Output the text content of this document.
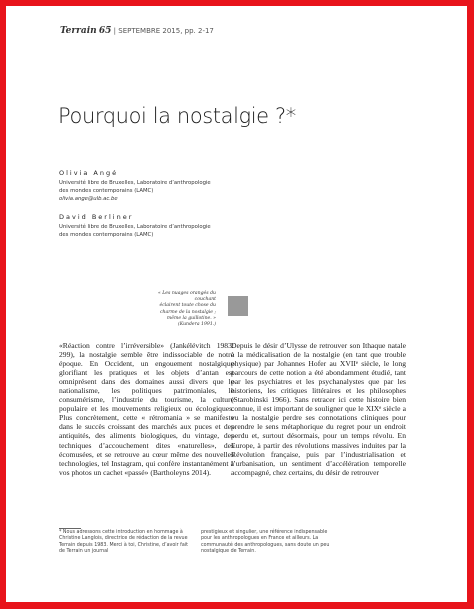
Terrain 65 | SEPTEMBRE 2015, pp. 2-17
Pourquoi la nostalgie ?*
Olivia Angé
Université libre de Bruxelles, Laboratoire d’anthropologie
des mondes contemporains (LAMC)
olivia.ange@ulb.ac.be
David Berliner
Université libre de Bruxelles, Laboratoire d’anthropologie
des mondes contemporains (LAMC)
« Les nuages orangés du couchant
éclairent toute chose du charme de la nostalgie ;
même la guillotine. »
(Kundera 1991.)

«Réaction contre l’irréversible» (Jankélévitch 1983: 299), la nostalgie semble être indissociable de notre époque. En Occident, un engouement nostalgique glorifiant les pratiques et les objets d’antan est omniprésent dans des domaines aussi divers que le nationalisme, les politiques patrimoniales, le consumérisme, l’industrie du tourisme, la culture populaire et les mouvements religieux ou écologiques. Plus concrètement, cette « rétromania » se manifeste dans le succès croissant des marchés aux puces et des antiquités, des aliments biologiques, du vintage, des techniques d’accouchement dites «naturelles», des écomusées, et se retrouve au cœur même des nouvelles technologies, tel Instagram, qui confère instantanément à vos photos un cachet «passé» (Bartholeyns 2014).

Depuis le désir d’Ulysse de retrouver son Ithaque natale à la médicalisation de la nostalgie (en tant que trouble physique) par Johannes Hofer au XVIIᵉ siècle, le long parcours de cette notion a été abondamment étudié, tant par les psychiatres et les psychanalystes que par les historiens, les critiques littéraires et les philosophes (Starobinski 1966). Sans retracer ici cette histoire bien connue, il est important de souligner que le XIXᵉ siècle a vu la nostalgie perdre ses connotations cliniques pour prendre le sens métaphorique du regret pour un endroit perdu et, surtout désormais, pour un temps révolu. En Europe, à partir des révolutions massives induites par la Révolution française, puis par l’industrialisation et l’urbanisation, un sentiment d’accélération temporelle accompagné, chez certains, du désir de retrouver

* Nous adressons cette introduction en hommage à Christine Langlois, directrice de rédaction de la revue Terrain depuis 1983. Merci à toi, Christine, d’avoir fait de Terrain un journal
prestigieux et singulier, une référence indispensable pour les anthropologues en France et ailleurs. La communauté des anthropologues, sans doute un peu nostalgique de Terrain.
